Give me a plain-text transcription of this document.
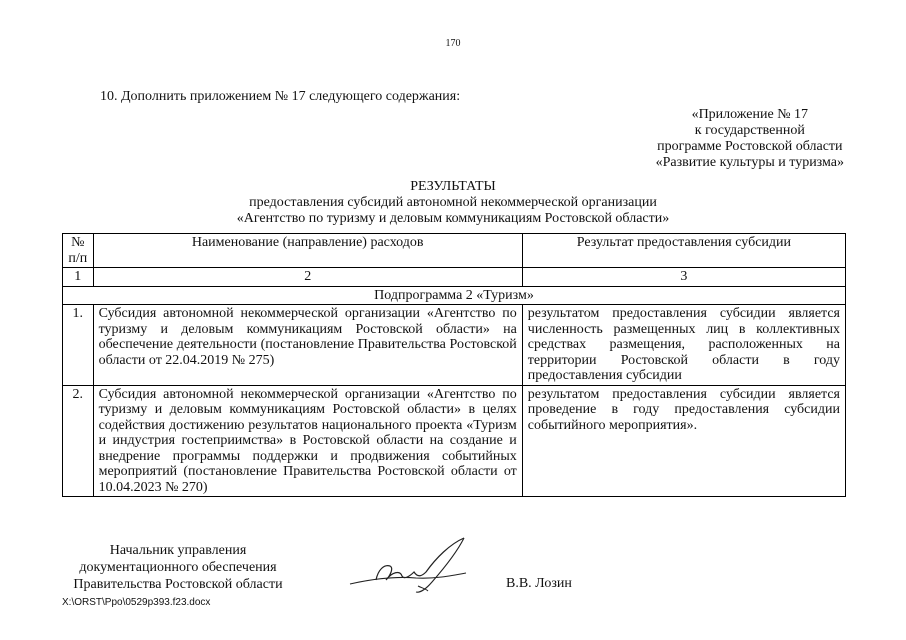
170
10. Дополнить приложением № 17 следующего содержания:
«Приложение № 17
к государственной
программе Ростовской области
«Развитие культуры и туризма»
РЕЗУЛЬТАТЫ
предоставления субсидий автономной некоммерческой организации
«Агентство по туризму и деловым коммуникациям Ростовской области»
№ п/п	Наименование (направление) расходов	Результат предоставления субсидии
1	2	3
Подпрограмма 2 «Туризм»		
1.	Субсидия автономной некоммерческой организации «Агентство по туризму и деловым коммуникациям Ростовской области» на обеспечение деятельности (постановление Правительства Ростовской области от 22.04.2019 № 275)	результатом предоставления субсидии является численность размещенных лиц в коллективных средствах размещения, расположенных на территории Ростовской области в году предоставления субсидии
2.	Субсидия автономной некоммерческой организации «Агентство по туризму и деловым коммуникациям Ростовской области» в целях содействия достижению результатов национального проекта «Туризм и индустрия гостеприимства» в Ростовской области на создание и внедрение программы поддержки и продвижения событийных мероприятий (постановление Правительства Ростовской области от 10.04.2023 № 270)	результатом предоставления субсидии является проведение в году предоставления субсидии событийного мероприятия».
Начальник управления
документационного обеспечения
Правительства Ростовской области	В.В. Лозин
X:\ORST\Ppo\0529p393.f23.docx
